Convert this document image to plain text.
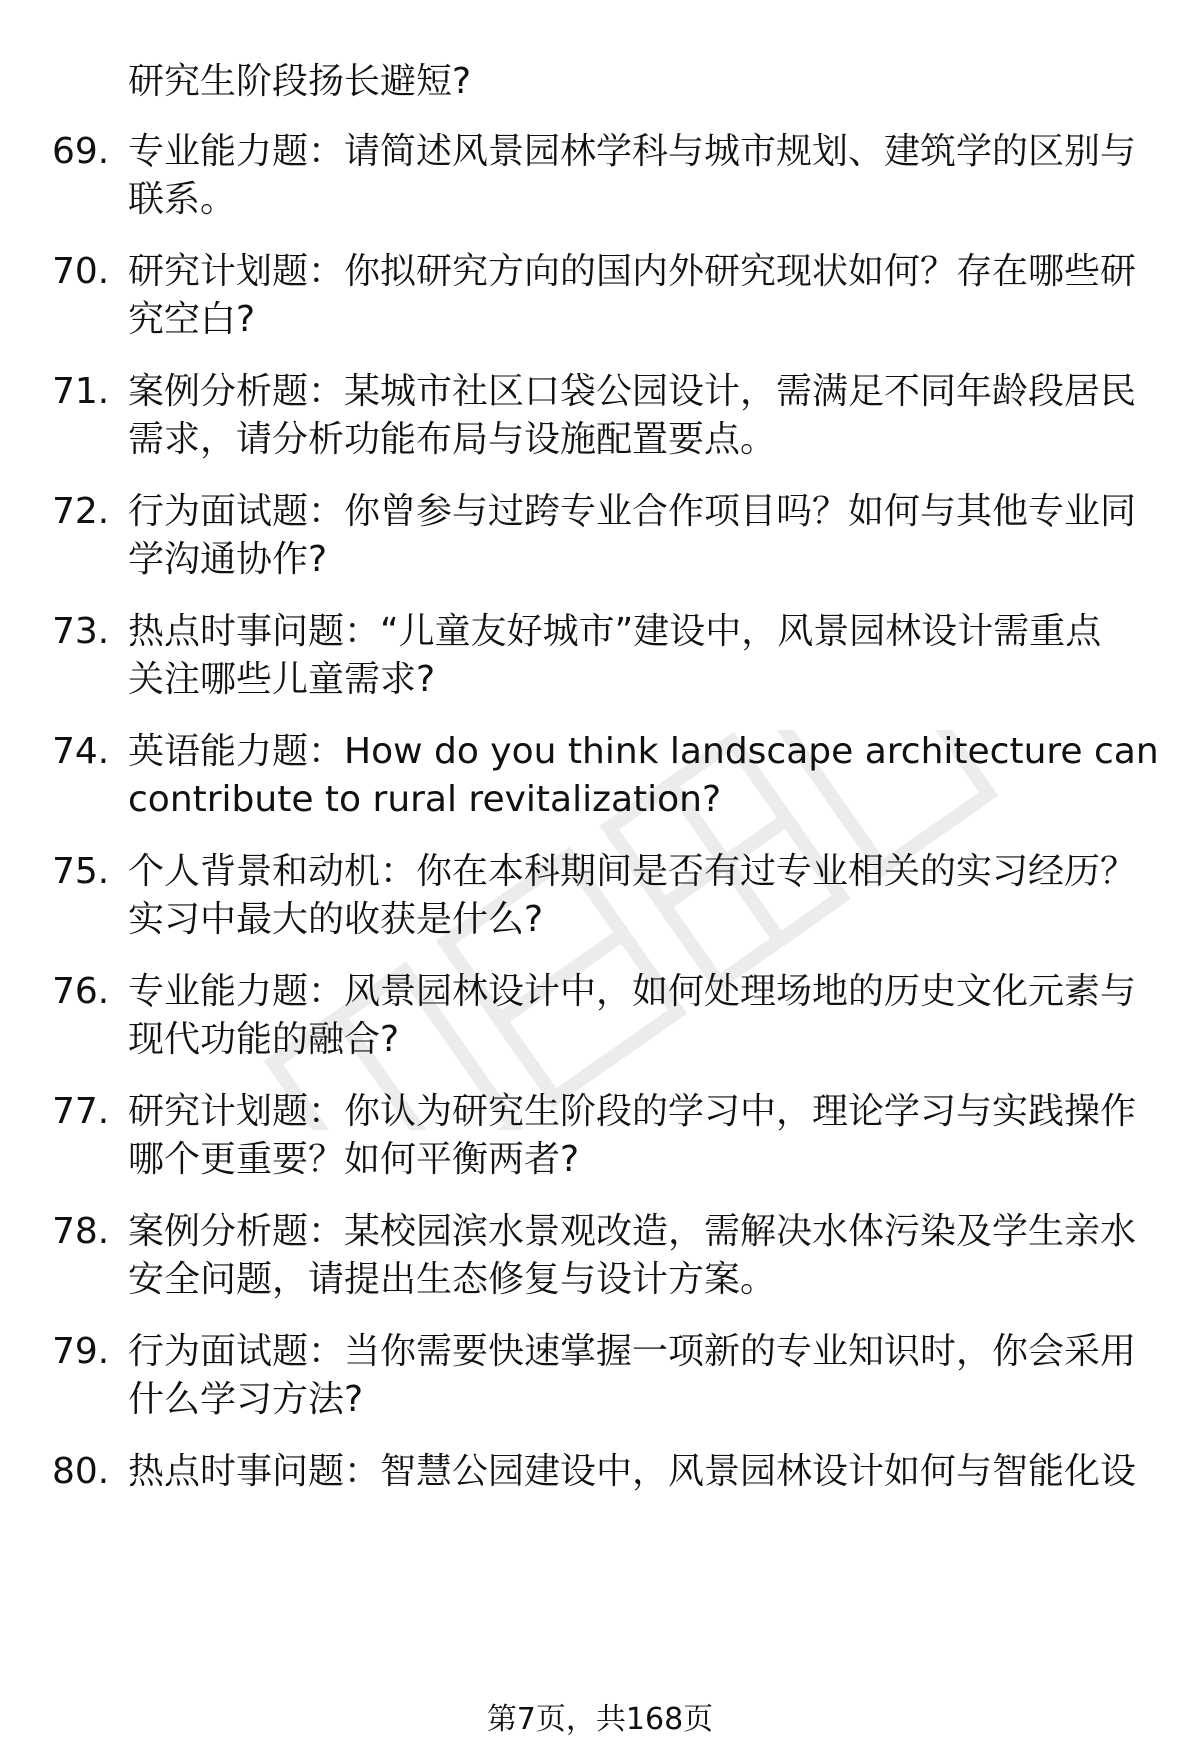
研究生阶段扬长避短?
69. 专业能力题：请简述风景园林学科与城市规划、建筑学的区别与
联系。
70. 研究计划题：你拟研究方向的国内外研究现状如何？存在哪些研
究空白?
71. 案例分析题：某城市社区口袋公园设计，需满足不同年龄段居民
需求，请分析功能布局与设施配置要点。
72. 行为面试题：你曾参与过跨专业合作项目吗？如何与其他专业同
学沟通协作?
73. 热点时事问题：“儿童友好城市”建设中，风景园林设计需重点
关注哪些儿童需求?
74. 英语能力题：How do you think landscape architecture can
contribute to rural revitalization?
75. 个人背景和动机：你在本科期间是否有过专业相关的实习经历？
实习中最大的收获是什么?
76. 专业能力题：风景园林设计中，如何处理场地的历史文化元素与
现代功能的融合?
77. 研究计划题：你认为研究生阶段的学习中，理论学习与实践操作
哪个更重要？如何平衡两者?
78. 案例分析题：某校园滨水景观改造，需解决水体污染及学生亲水
安全问题，请提出生态修复与设计方案。
79. 行为面试题：当你需要快速掌握一项新的专业知识时，你会采用
什么学习方法?
80. 热点时事问题：智慧公园建设中，风景园林设计如何与智能化设
第7页，共168页
